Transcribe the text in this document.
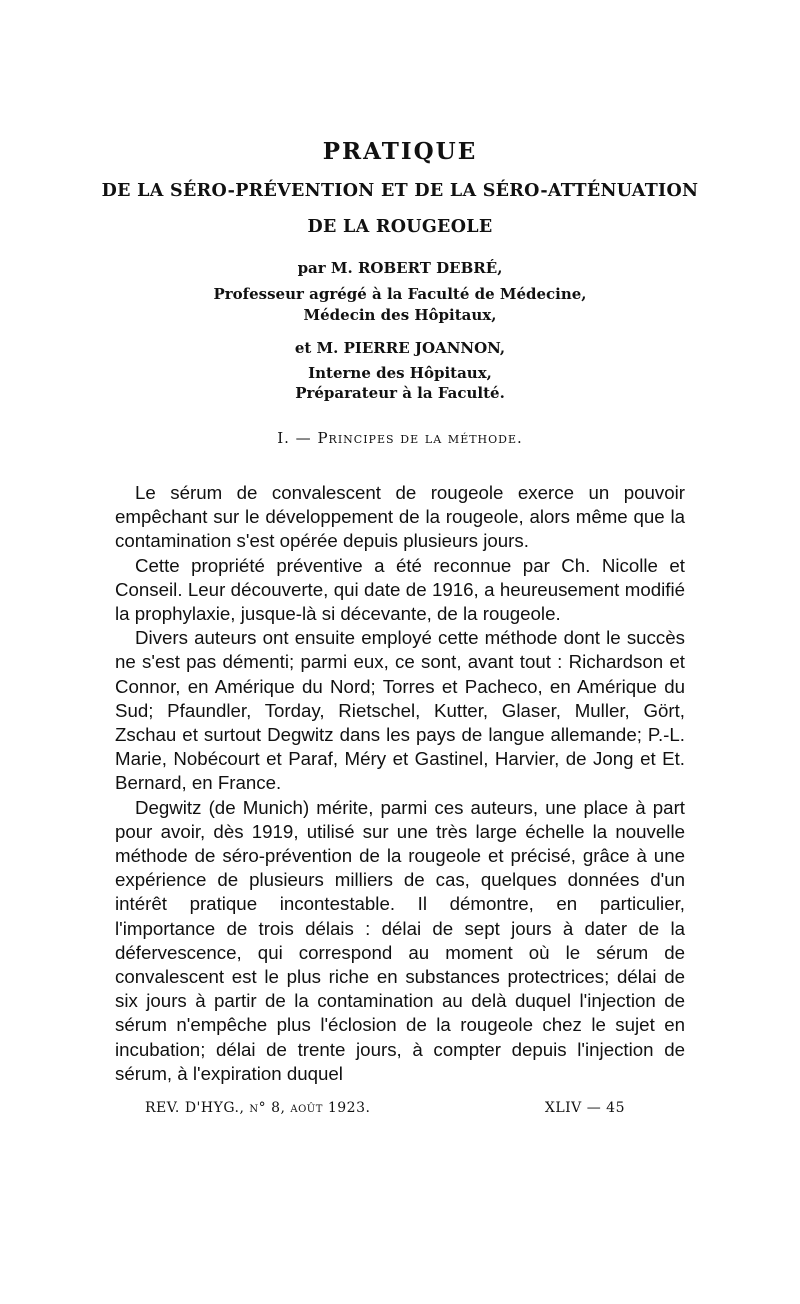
PRATIQUE
DE LA SÉRO-PRÉVENTION ET DE LA SÉRO-ATTÉNUATION
DE LA ROUGEOLE
par M. ROBERT DEBRÉ,
Professeur agrégé à la Faculté de Médecine,
Médecin des Hôpitaux,
et M. PIERRE JOANNON,
Interne des Hôpitaux,
Préparateur à la Faculté.
I. — Principes de la méthode.

Le sérum de convalescent de rougeole exerce un pouvoir empêchant sur le développement de la rougeole, alors même que la contamination s'est opérée depuis plusieurs jours.

Cette propriété préventive a été reconnue par Ch. Nicolle et Conseil. Leur découverte, qui date de 1916, a heureusement modifié la prophylaxie, jusque-là si décevante, de la rougeole.

Divers auteurs ont ensuite employé cette méthode dont le succès ne s'est pas démenti; parmi eux, ce sont, avant tout : Richardson et Connor, en Amérique du Nord; Torres et Pacheco, en Amérique du Sud; Pfaundler, Torday, Rietschel, Kutter, Glaser, Muller, Gört, Zschau et surtout Degwitz dans les pays de langue allemande; P.-L. Marie, Nobécourt et Paraf, Méry et Gastinel, Harvier, de Jong et Et. Bernard, en France.

Degwitz (de Munich) mérite, parmi ces auteurs, une place à part pour avoir, dès 1919, utilisé sur une très large échelle la nouvelle méthode de séro-prévention de la rougeole et précisé, grâce à une expérience de plusieurs milliers de cas, quelques données d'un intérêt pratique incontestable. Il démontre, en particulier, l'importance de trois délais : délai de sept jours à dater de la défervescence, qui correspond au moment où le sérum de convalescent est le plus riche en substances protectrices; délai de six jours à partir de la contamination au delà duquel l'injection de sérum n'empêche plus l'éclosion de la rougeole chez le sujet en incubation; délai de trente jours, à compter depuis l'injection de sérum, à l'expiration duquel

REV. D'HYG., n° 8, août 1923.	XLIV — 45
